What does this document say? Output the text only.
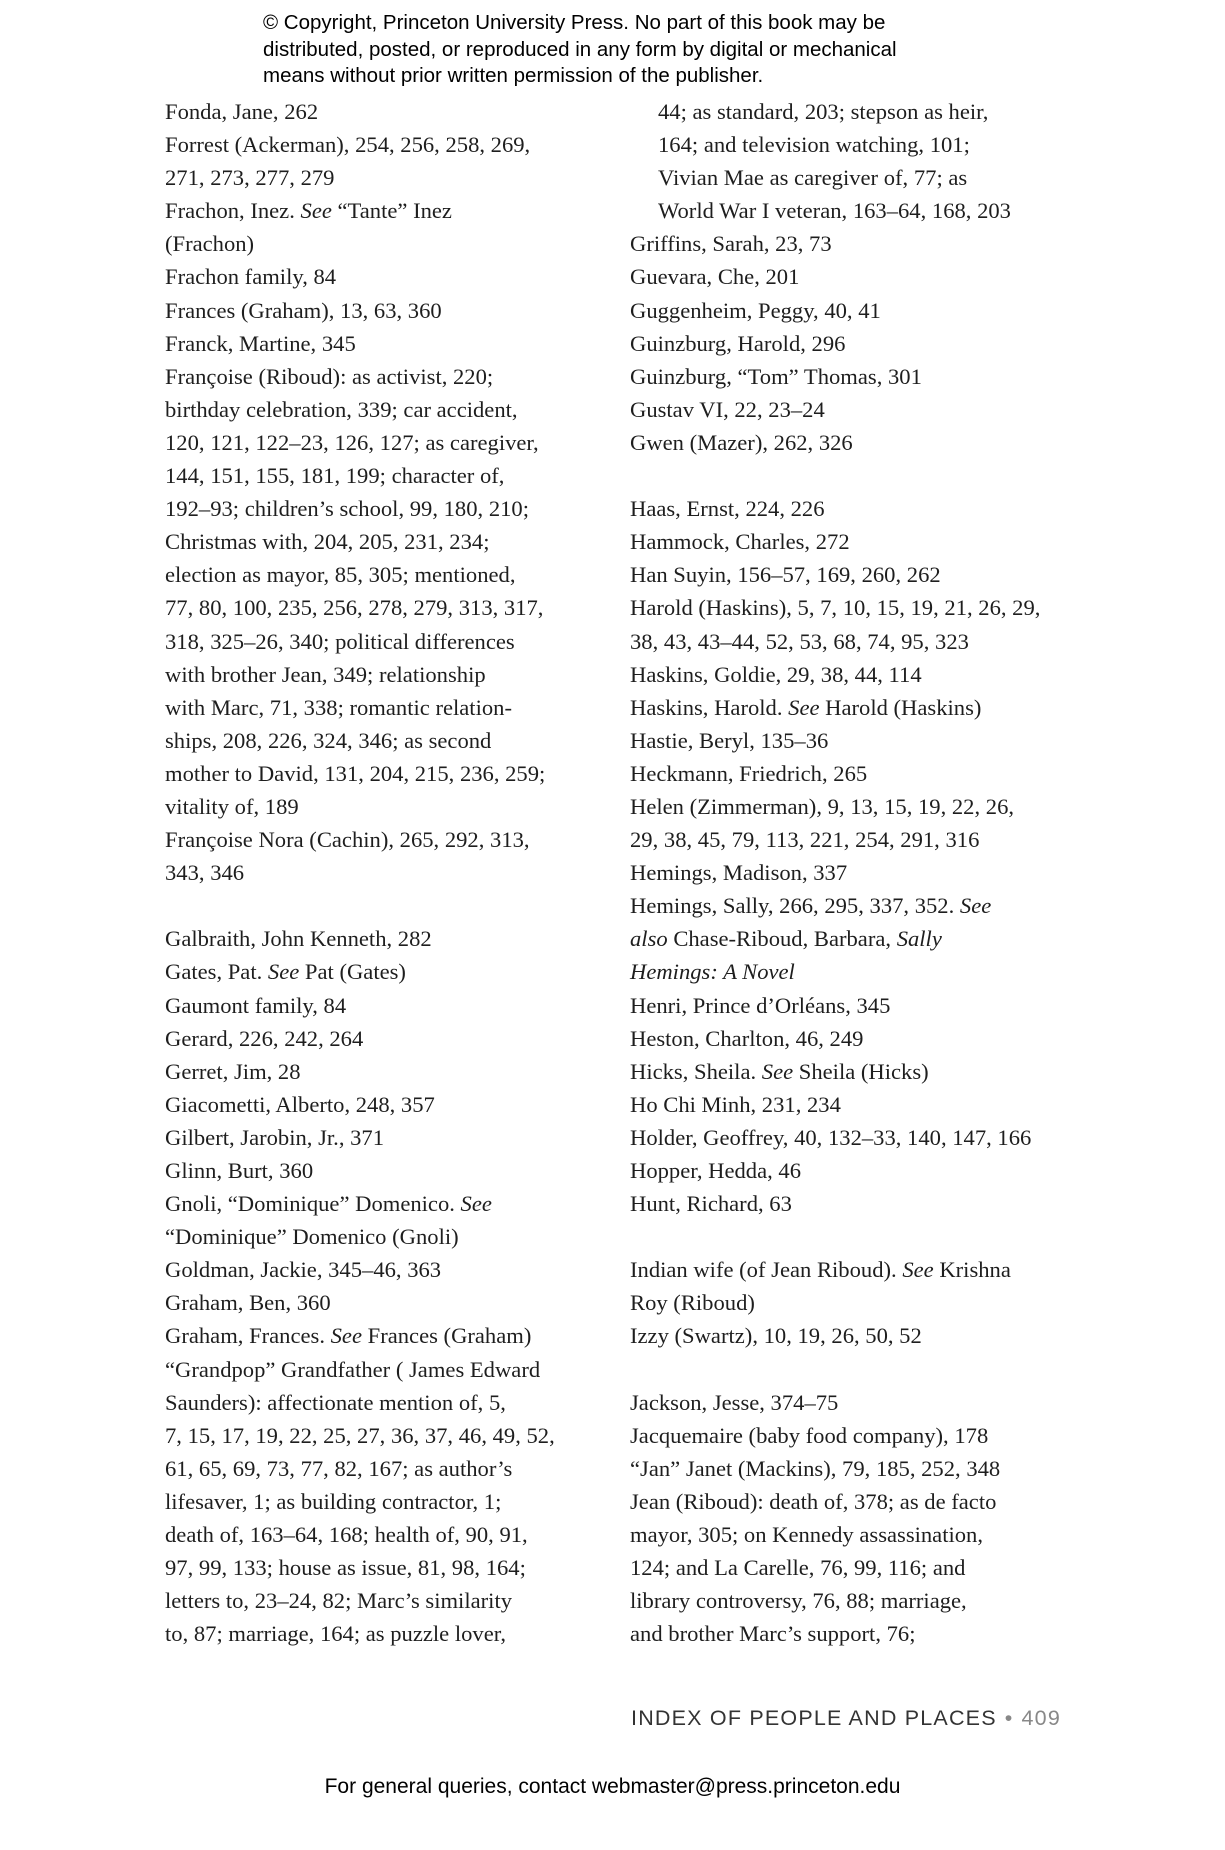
© Copyright, Princeton University Press. No part of this book may be
distributed, posted, or reproduced in any form by digital or mechanical
means without prior written permission of the publisher.
Fonda, Jane, 262
Forrest (Ackerman), 254, 256, 258, 269,
271, 273, 277, 279
Frachon, Inez. See “Tante” Inez
(Frachon)
Frachon family, 84
Frances (Graham), 13, 63, 360
Franck, Martine, 345
Françoise (Riboud): as activist, 220;
birthday celebration, 339; car accident,
120, 121, 122–23, 126, 127; as caregiver,
144, 151, 155, 181, 199; character of,
192–93; children’s school, 99, 180, 210;
Christmas with, 204, 205, 231, 234;
election as mayor, 85, 305; mentioned,
77, 80, 100, 235, 256, 278, 279, 313, 317,
318, 325–26, 340; political differences
with brother Jean, 349; relationship
with Marc, 71, 338; romantic relation-
ships, 208, 226, 324, 346; as second
mother to David, 131, 204, 215, 236, 259;
vitality of, 189
Françoise Nora (Cachin), 265, 292, 313,
343, 346
Galbraith, John Kenneth, 282
Gates, Pat. See Pat (Gates)
Gaumont family, 84
Gerard, 226, 242, 264
Gerret, Jim, 28
Giacometti, Alberto, 248, 357
Gilbert, Jarobin, Jr., 371
Glinn, Burt, 360
Gnoli, “Dominique” Domenico. See
“Dominique” Domenico (Gnoli)
Goldman, Jackie, 345–46, 363
Graham, Ben, 360
Graham, Frances. See Frances (Graham)
“Grandpop” Grandfather ( James Edward
Saunders): affectionate mention of, 5,
7, 15, 17, 19, 22, 25, 27, 36, 37, 46, 49, 52,
61, 65, 69, 73, 77, 82, 167; as author’s
lifesaver, 1; as building contractor, 1;
death of, 163–64, 168; health of, 90, 91,
97, 99, 133; house as issue, 81, 98, 164;
letters to, 23–24, 82; Marc’s similarity
to, 87; marriage, 164; as puzzle lover,
44; as standard, 203; stepson as heir,
164; and television watching, 101;
Vivian Mae as caregiver of, 77; as
World War I veteran, 163–64, 168, 203
Griffins, Sarah, 23, 73
Guevara, Che, 201
Guggenheim, Peggy, 40, 41
Guinzburg, Harold, 296
Guinzburg, “Tom” Thomas, 301
Gustav VI, 22, 23–24
Gwen (Mazer), 262, 326
Haas, Ernst, 224, 226
Hammock, Charles, 272
Han Suyin, 156–57, 169, 260, 262
Harold (Haskins), 5, 7, 10, 15, 19, 21, 26, 29,
38, 43, 43–44, 52, 53, 68, 74, 95, 323
Haskins, Goldie, 29, 38, 44, 114
Haskins, Harold. See Harold (Haskins)
Hastie, Beryl, 135–36
Heckmann, Friedrich, 265
Helen (Zimmerman), 9, 13, 15, 19, 22, 26,
29, 38, 45, 79, 113, 221, 254, 291, 316
Hemings, Madison, 337
Hemings, Sally, 266, 295, 337, 352. See
also Chase-Riboud, Barbara, Sally
Hemings: A Novel
Henri, Prince d’Orléans, 345
Heston, Charlton, 46, 249
Hicks, Sheila. See Sheila (Hicks)
Ho Chi Minh, 231, 234
Holder, Geoffrey, 40, 132–33, 140, 147, 166
Hopper, Hedda, 46
Hunt, Richard, 63
Indian wife (of Jean Riboud). See Krishna
Roy (Riboud)
Izzy (Swartz), 10, 19, 26, 50, 52
Jackson, Jesse, 374–75
Jacquemaire (baby food company), 178
“Jan” Janet (Mackins), 79, 185, 252, 348
Jean (Riboud): death of, 378; as de facto
mayor, 305; on Kennedy assassination,
124; and La Carelle, 76, 99, 116; and
library controversy, 76, 88; marriage,
and brother Marc’s support, 76;
INDEX OF PEOPLE AND PLACES • 409
For general queries, contact webmaster@press.princeton.edu
